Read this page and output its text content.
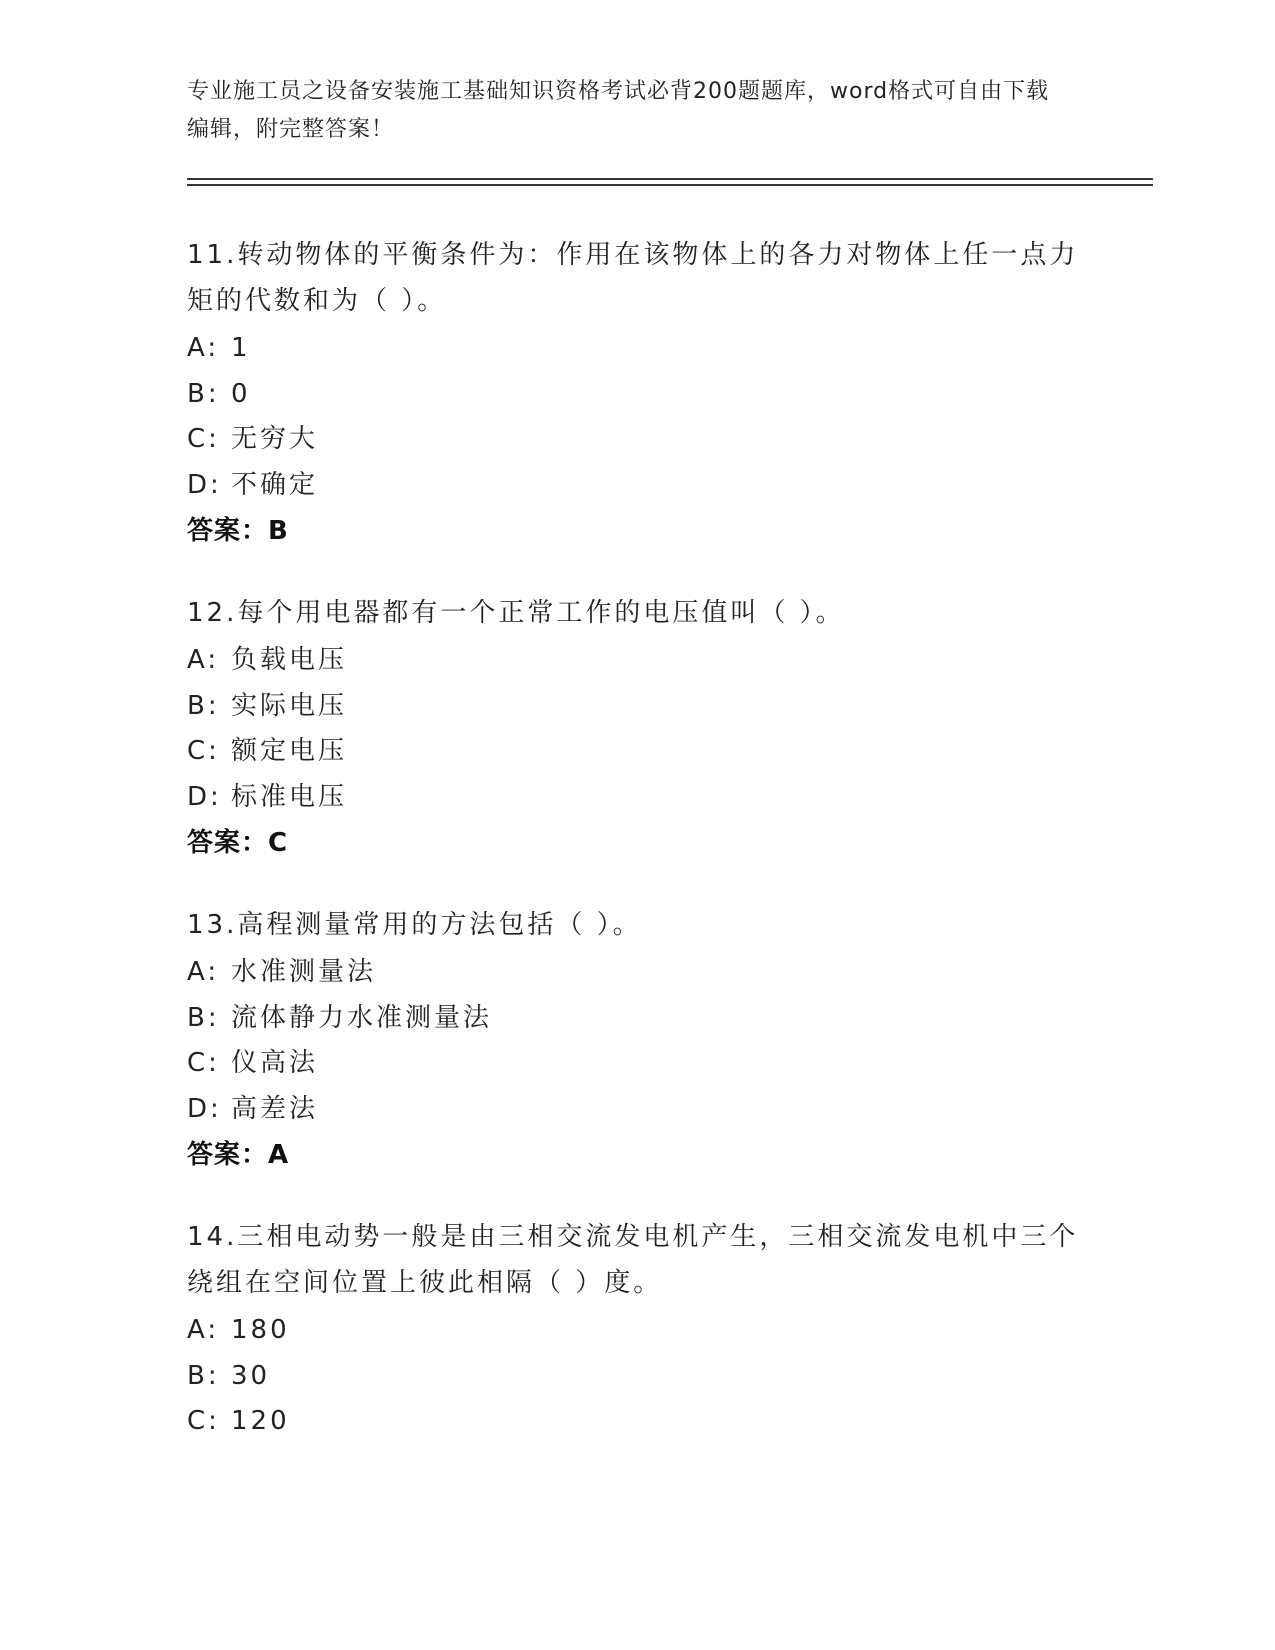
专业施工员之设备安装施工基础知识资格考试必背200题题库，word格式可自由下载编辑，附完整答案！
11.转动物体的平衡条件为：作用在该物体上的各力对物体上任一点力矩的代数和为（ ）。
A: 1
B: 0
C: 无穷大
D: 不确定
答案：B
12.每个用电器都有一个正常工作的电压值叫（ ）。
A: 负载电压
B: 实际电压
C: 额定电压
D: 标准电压
答案：C
13.高程测量常用的方法包括（ ）。
A: 水准测量法
B: 流体静力水准测量法
C: 仪高法
D: 高差法
答案：A
14.三相电动势一般是由三相交流发电机产生，三相交流发电机中三个绕组在空间位置上彼此相隔（ ）度。
A: 180
B: 30
C: 120
